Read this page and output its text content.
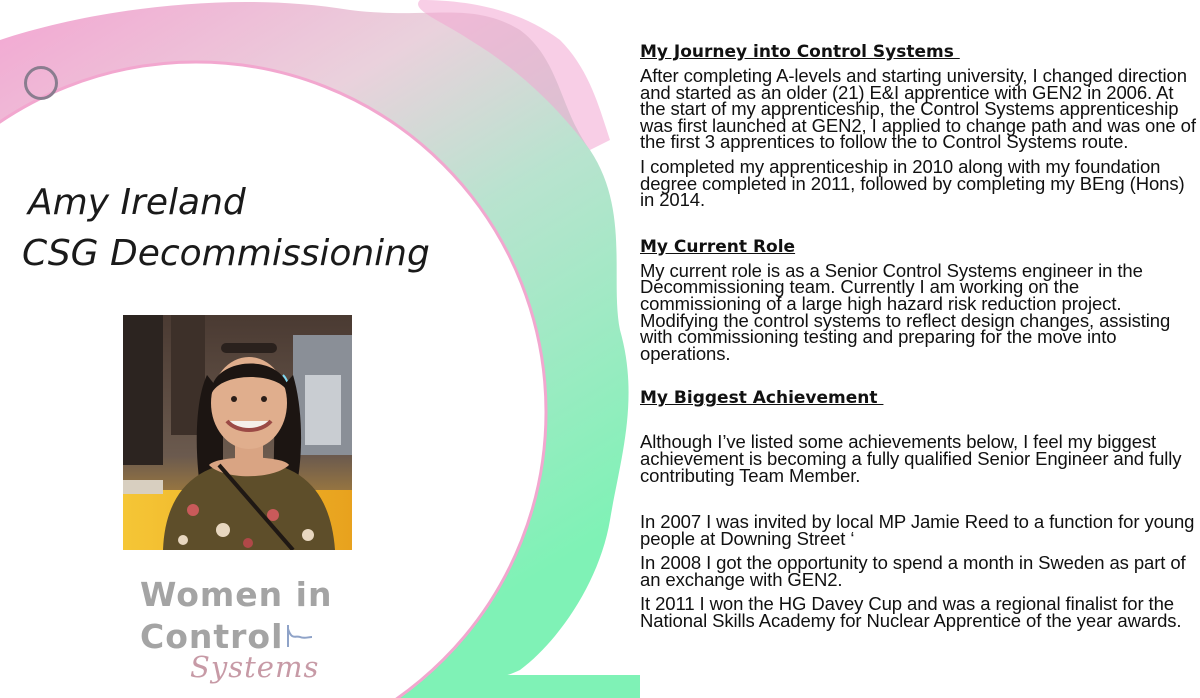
Amy Ireland
CSG Decommissioning
Women in
Control
Systems
My Journey into Control Systems
After completing A-levels and starting university, I changed direction and started as an older (21) E&I apprentice with GEN2 in 2006. At the start of my apprenticeship, the Control Systems apprenticeship was first launched at GEN2, I applied to change path and was one of the first 3 apprentices to follow the to Control Systems route.
I completed my apprenticeship in 2010 along with my foundation degree completed in 2011, followed by completing my BEng (Hons) in 2014.
My Current Role
My current role is as a Senior Control Systems engineer in the Decommissioning team. Currently I am working on the commissioning of a large high hazard risk reduction project. Modifying the control systems to reflect design changes, assisting with commissioning testing and preparing for the move into operations.
My Biggest Achievement
Although I’ve listed some achievements below, I feel my biggest achievement is becoming a fully qualified Senior Engineer and fully contributing Team Member.
In 2007 I was invited by local MP Jamie Reed to a function for young people at Downing Street ‘
In 2008 I got the opportunity to spend a month in Sweden as part of an exchange with GEN2.
It 2011 I won the HG Davey Cup and was a regional finalist for the National Skills Academy for Nuclear Apprentice of the year awards.
